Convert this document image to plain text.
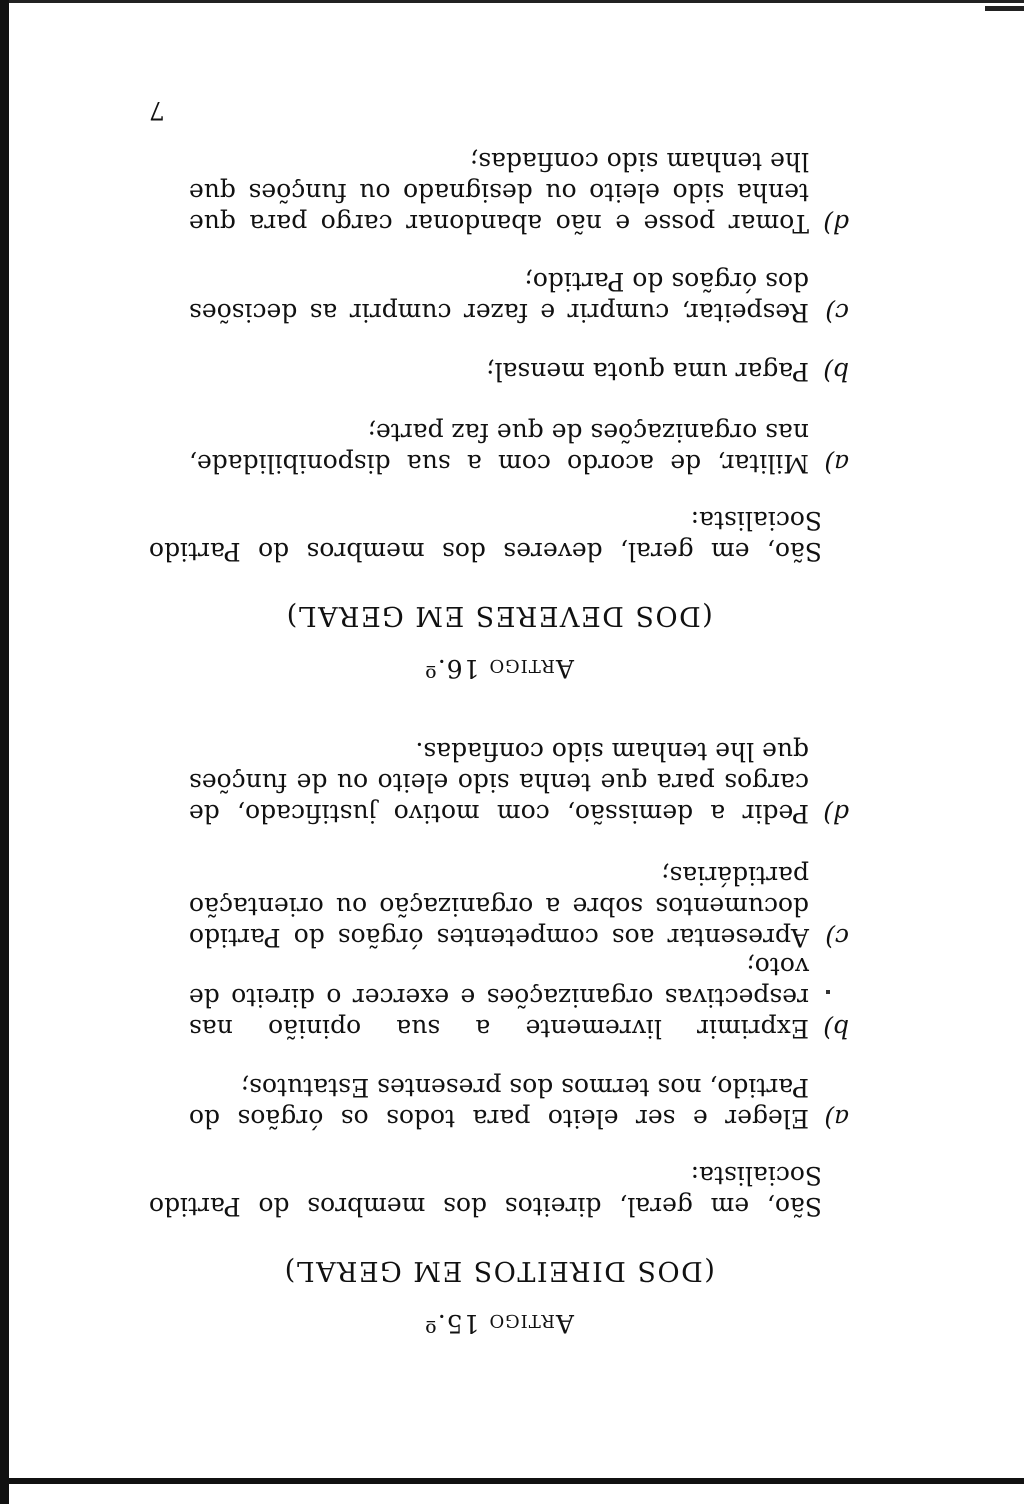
Artigo 15.º
(DOS DIREITOS EM GERAL)
São, em geral, direitos dos membros do Partido Socialista:
a)
Eleger e ser eleito para todos os órgãos do Partido, nos termos dos presentes Estatutos;
b)
Exprimir livremente a sua opinião nas respectivas organizações e exercer o direito de voto;
c)
Apresentar aos competentes órgãos do Partido documentos sobre a organização ou orientação partidárias;
d)
Pedir a demissão, com motivo justificado, de cargos para que tenha sido eleito ou de funções que lhe tenham sido confiadas.
Artigo 16.º
(DOS DEVERES EM GERAL)
São, em geral, deveres dos membros do Partido Socialista:
a)
Militar, de acordo com a sua disponibilidade, nas organizações de que faz parte;
b)
Pagar uma quota mensal;
c)
Respeitar, cumprir e fazer cumprir as decisões dos órgãos do Partido;
d)
Tomar posse e não abandonar cargo para que tenha sido eleito ou designado ou funções que lhe tenham sido confiadas;
7
